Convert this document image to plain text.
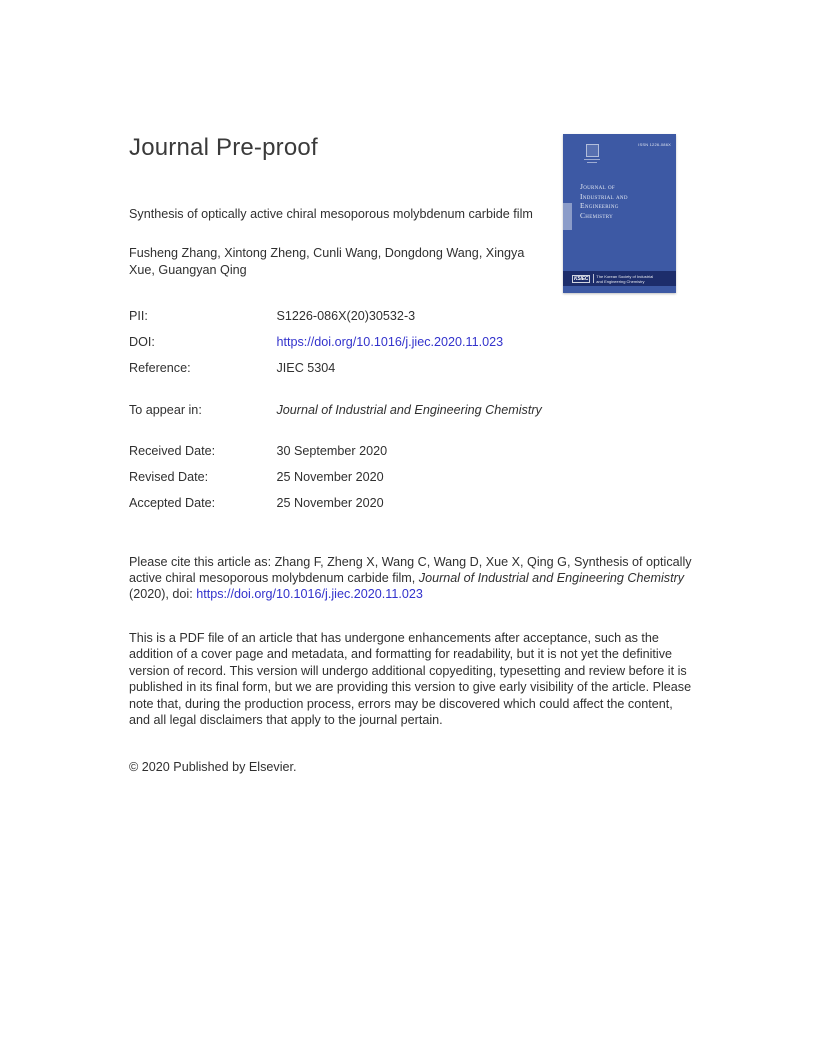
Journal Pre-proof	ISSN 1226-086X
Journal of
Industrial and
Engineering
Chemistry
KSIEC	The Korean Society of Industrial
and Engineering Chemistry
Synthesis of optically active chiral mesoporous molybdenum carbide film
Fusheng Zhang, Xintong Zheng, Cunli Wang, Dongdong Wang, Xingya Xue, Guangyan Qing
PII:	S1226-086X(20)30532-3
DOI:	https://doi.org/10.1016/j.jiec.2020.11.023
Reference:	JIEC 5304
To appear in:	Journal of Industrial and Engineering Chemistry
Received Date:	30 September 2020
Revised Date:	25 November 2020
Accepted Date:	25 November 2020

Please cite this article as: Zhang F, Zheng X, Wang C, Wang D, Xue X, Qing G, Synthesis of optically active chiral mesoporous molybdenum carbide film, Journal of Industrial and Engineering Chemistry (2020), doi: https://doi.org/10.1016/j.jiec.2020.11.023

This is a PDF file of an article that has undergone enhancements after acceptance, such as the addition of a cover page and metadata, and formatting for readability, but it is not yet the definitive version of record. This version will undergo additional copyediting, typesetting and review before it is published in its final form, but we are providing this version to give early visibility of the article. Please note that, during the production process, errors may be discovered which could affect the content, and all legal disclaimers that apply to the journal pertain.

© 2020 Published by Elsevier.
